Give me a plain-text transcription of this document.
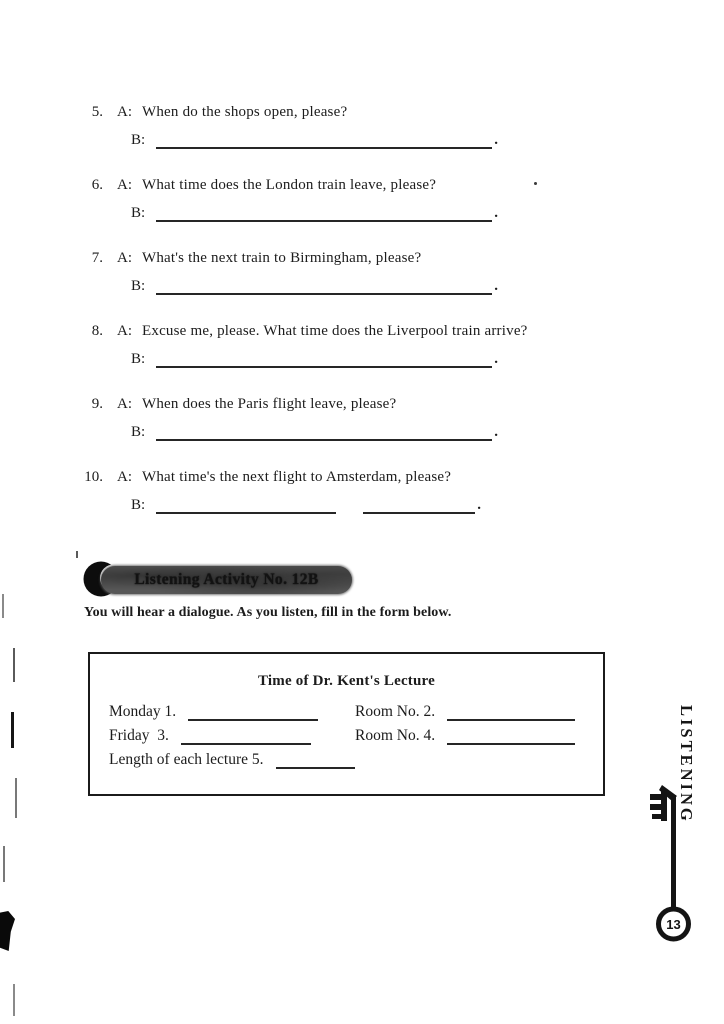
5. A: When do the shops open, please?
B:	.
6. A: What time does the London train leave, please?
B:	.
7. A: What's the next train to Birmingham, please?
B:	.
8. A: Excuse me, please. What time does the Liverpool train arrive?
B:	.
9. A: When does the Paris flight leave, please?
B:	.
10. A: What time's the next flight to Amsterdam, please?
B:	.
Listening Activity No. 12B
You will hear a dialogue. As you listen, fill in the form below.
Time of Dr. Kent's Lecture
Monday 1.	Room No. 2.
Friday  3.	Room No. 4.
Length of each lecture 5.	LISTENING
13
